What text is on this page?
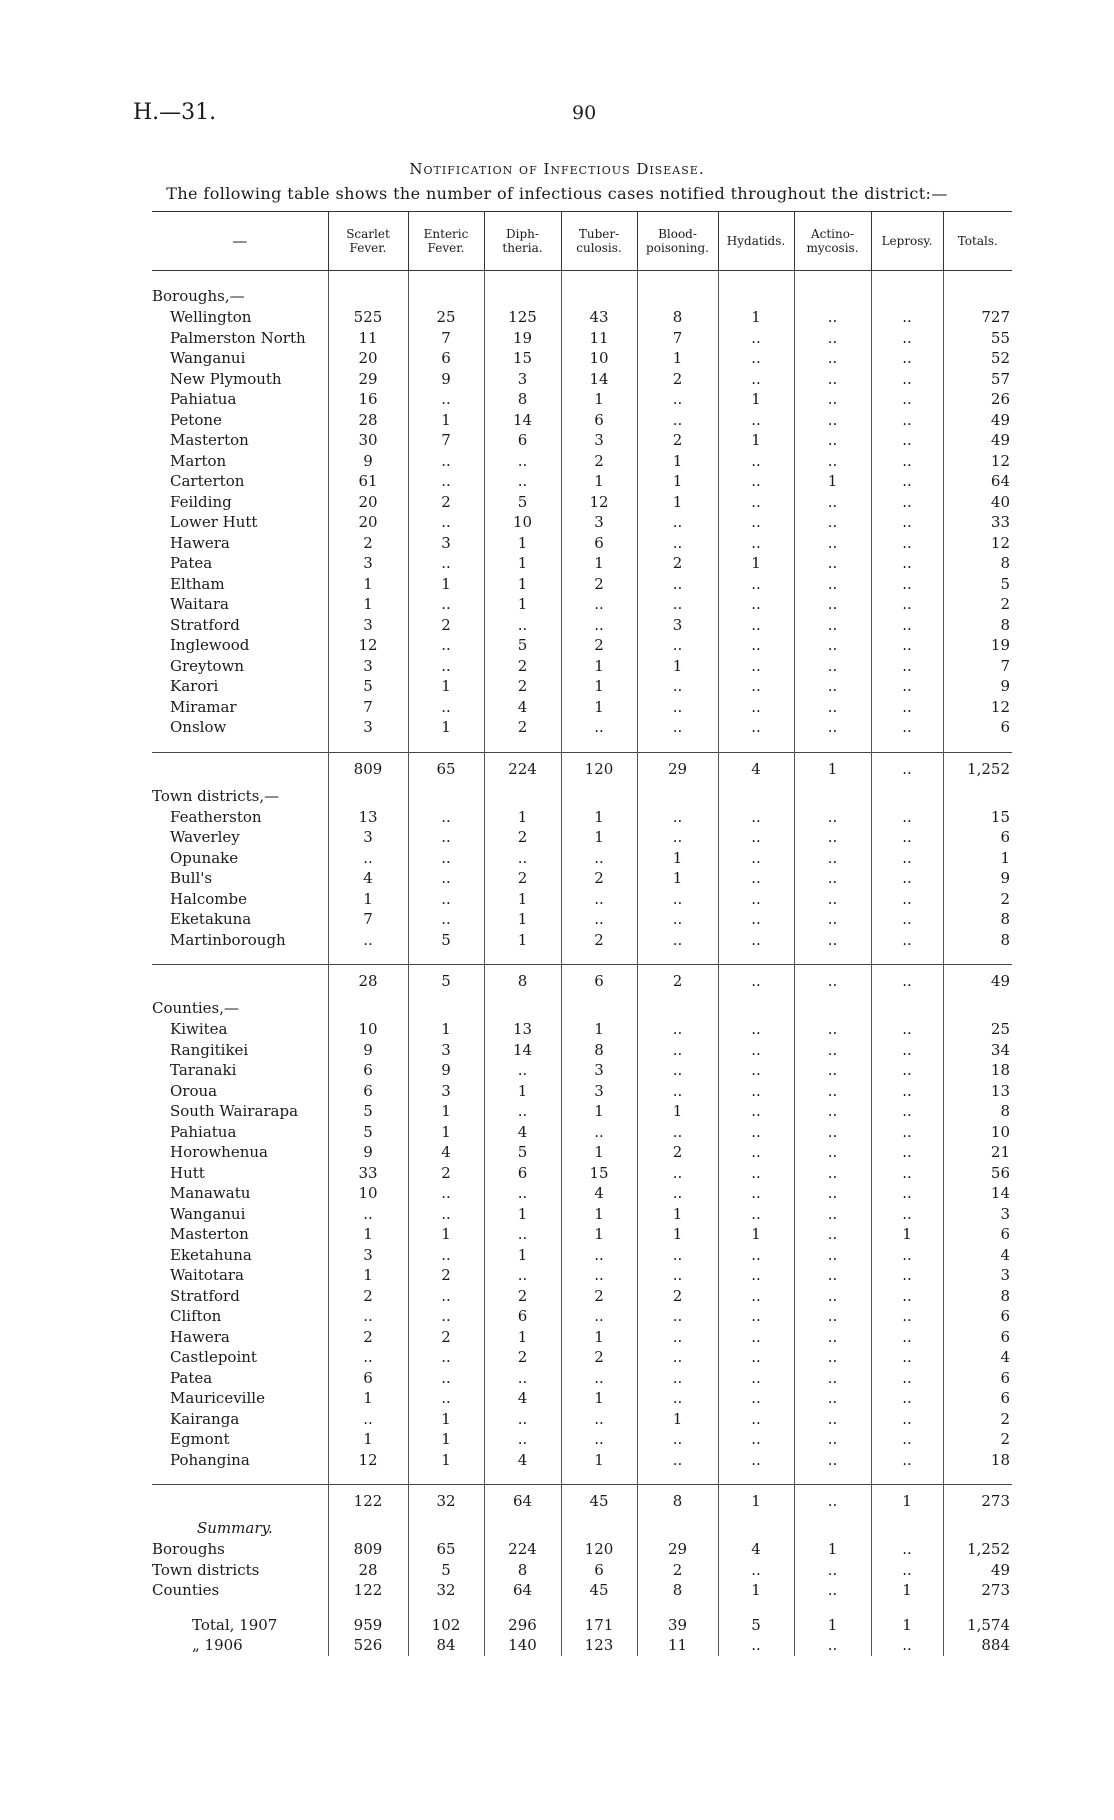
H.—31.	90
Notification of Infectious Disease.
The following table shows the number of infectious cases notified throughout the district:—
—	Scarlet Fever.	Enteric Fever.	Diph-theria.	Tuber-culosis.	Blood-poisoning.	Hydatids.	Actino-mycosis.	Leprosy.	Totals.

Boroughs,—									
Wellington	525	25	125	43	8	1	..	..	727
Palmerston North	11	7	19	11	7	..	..	..	55
Wanganui	20	6	15	10	1	..	..	..	52
New Plymouth	29	9	3	14	2	..	..	..	57
Pahiatua	16	..	8	1	..	1	..	..	26
Petone	28	1	14	6	..	..	..	..	49
Masterton	30	7	6	3	2	1	..	..	49
Marton	9	..	..	2	1	..	..	..	12
Carterton	61	..	..	1	1	..	1	..	64
Feilding	20	2	5	12	1	..	..	..	40
Lower Hutt	20	..	10	3	..	..	..	..	33
Hawera	2	3	1	6	..	..	..	..	12
Patea	3	..	1	1	2	1	..	..	8
Eltham	1	1	1	2	..	..	..	..	5
Waitara	1	..	1	..	..	..	..	..	2
Stratford	3	2	..	..	3	..	..	..	8
Inglewood	12	..	5	2	..	..	..	..	19
Greytown	3	..	2	1	1	..	..	..	7
Karori	5	1	2	1	..	..	..	..	9
Miramar	7	..	4	1	..	..	..	..	12
Onslow	3	1	2	..	..	..	..	..	6

	809	65	224	120	29	4	1	..	1,252
Town districts,—									
Featherston	13	..	1	1	..	..	..	..	15
Waverley	3	..	2	1	..	..	..	..	6
Opunake	..	..	..	..	1	..	..	..	1
Bull's	4	..	2	2	1	..	..	..	9
Halcombe	1	..	1	..	..	..	..	..	2
Eketakuna	7	..	1	..	..	..	..	..	8
Martinborough	..	5	1	2	..	..	..	..	8

	28	5	8	6	2	..	..	..	49
Counties,—									
Kiwitea	10	1	13	1	..	..	..	..	25
Rangitikei	9	3	14	8	..	..	..	..	34
Taranaki	6	9	..	3	..	..	..	..	18
Oroua	6	3	1	3	..	..	..	..	13
South Wairarapa	5	1	..	1	1	..	..	..	8
Pahiatua	5	1	4	..	..	..	..	..	10
Horowhenua	9	4	5	1	2	..	..	..	21
Hutt	33	2	6	15	..	..	..	..	56
Manawatu	10	..	..	4	..	..	..	..	14
Wanganui	..	..	1	1	1	..	..	..	3
Masterton	1	1	..	1	1	1	..	1	6
Eketahuna	3	..	1	..	..	..	..	..	4
Waitotara	1	2	..	..	..	..	..	..	3
Stratford	2	..	2	2	2	..	..	..	8
Clifton	..	..	6	..	..	..	..	..	6
Hawera	2	2	1	1	..	..	..	..	6
Castlepoint	..	..	2	2	..	..	..	..	4
Patea	6	..	..	..	..	..	..	..	6
Mauriceville	1	..	4	1	..	..	..	..	6
Kairanga	..	1	..	..	1	..	..	..	2
Egmont	1	1	..	..	..	..	..	..	2
Pohangina	12	1	4	1	..	..	..	..	18

	122	32	64	45	8	1	..	1	273
Summary.									
Boroughs	809	65	224	120	29	4	1	..	1,252
Town districts	28	5	8	6	2	..	..	..	49
Counties	122	32	64	45	8	1	..	1	273

Total, 1907	959	102	296	171	39	5	1	1	1,574
„ 1906	526	84	140	123	11	..	..	..	884
